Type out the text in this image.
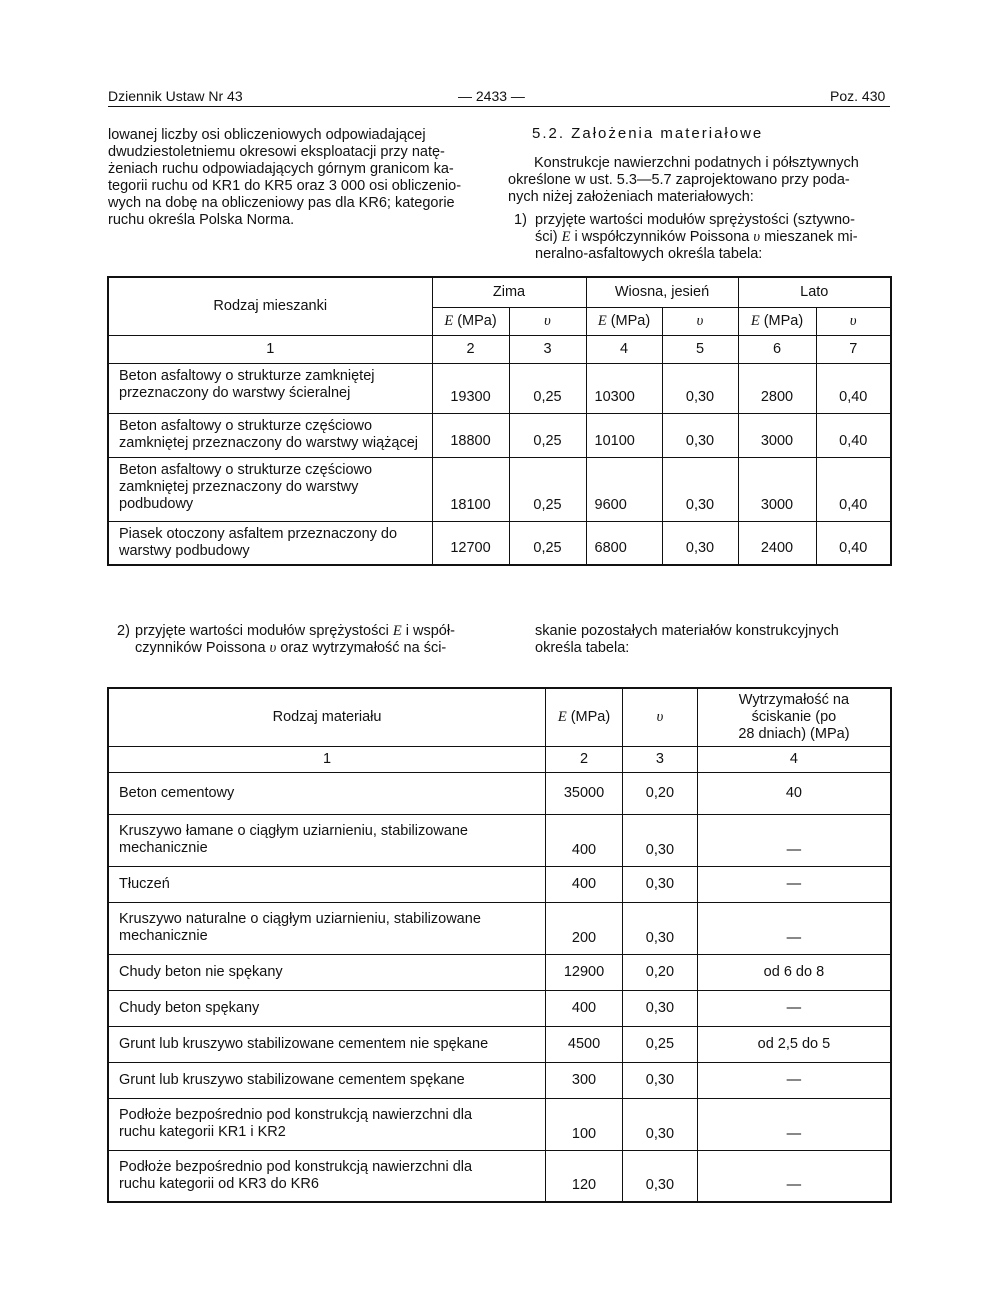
Dziennik Ustaw Nr 43	— 2433 —	Poz. 430
lowanej liczby osi obliczeniowych odpowiadającej
dwudziestoletniemu okresowi eksploatacji przy natę-
żeniach ruchu odpowiadających górnym granicom ka-
tegorii ruchu od KR1 do KR5 oraz 3 000 osi obliczenio-
wych na dobę na obliczeniowy pas dla KR6; kategorie
ruchu określa Polska Norma.
5.2. Założenia materiałowe
Konstrukcje nawierzchni podatnych i półsztywnych
określone w ust. 5.3—5.7 zaprojektowano przy poda-
nych niżej założeniach materiałowych:
1) przyjęte wartości modułów sprężystości (sztywno-
ści) E i współczynników Poissona υ mieszanek mi-
neralno-asfaltowych określa tabela:
Rodzaj mieszanki	Zima		Wiosna, jesień		Lato	
	E (MPa)	υ	E (MPa)	υ	E (MPa)	υ
1	2	3	4	5	6	7

Beton asfaltowy o strukturze zamkniętej
przeznaczony do warstwy ścieralnej	19300	0,25	10300	0,30	2800	0,40

Beton asfaltowy o strukturze częściowo
zamkniętej przeznaczony do warstwy wiążącej	18800	0,25	10100	0,30	3000	0,40

Beton asfaltowy o strukturze częściowo
zamkniętej przeznaczony do warstwy
podbudowy	18100	0,25	9600	0,30	3000	0,40

Piasek otoczony asfaltem przeznaczony do
warstwy podbudowy	12700	0,25	6800	0,30	2400	0,40
2) przyjęte wartości modułów sprężystości E i współ-
czynników Poissona υ oraz wytrzymałość na ści-
skanie pozostałych materiałów konstrukcyjnych
określa tabela:
Rodzaj materiału	E (MPa)	υ	Wytrzymałość na
ściskanie (po
28 dniach) (MPa)

1	2	3	4

Beton cementowy	35000	0,20	40

Kruszywo łamane o ciągłym uziarnieniu, stabilizowane
mechanicznie	400	0,30	—

Tłuczeń	400	0,30	—

Kruszywo naturalne o ciągłym uziarnieniu, stabilizowane
mechanicznie	200	0,30	—

Chudy beton nie spękany	12900	0,20	od 6 do 8

Chudy beton spękany	400	0,30	—

Grunt lub kruszywo stabilizowane cementem nie spękane	4500	0,25	od 2,5 do 5

Grunt lub kruszywo stabilizowane cementem spękane	300	0,30	—

Podłoże bezpośrednio pod konstrukcją nawierzchni dla
ruchu kategorii KR1 i KR2	100	0,30	—

Podłoże bezpośrednio pod konstrukcją nawierzchni dla
ruchu kategorii od KR3 do KR6	120	0,30	—
